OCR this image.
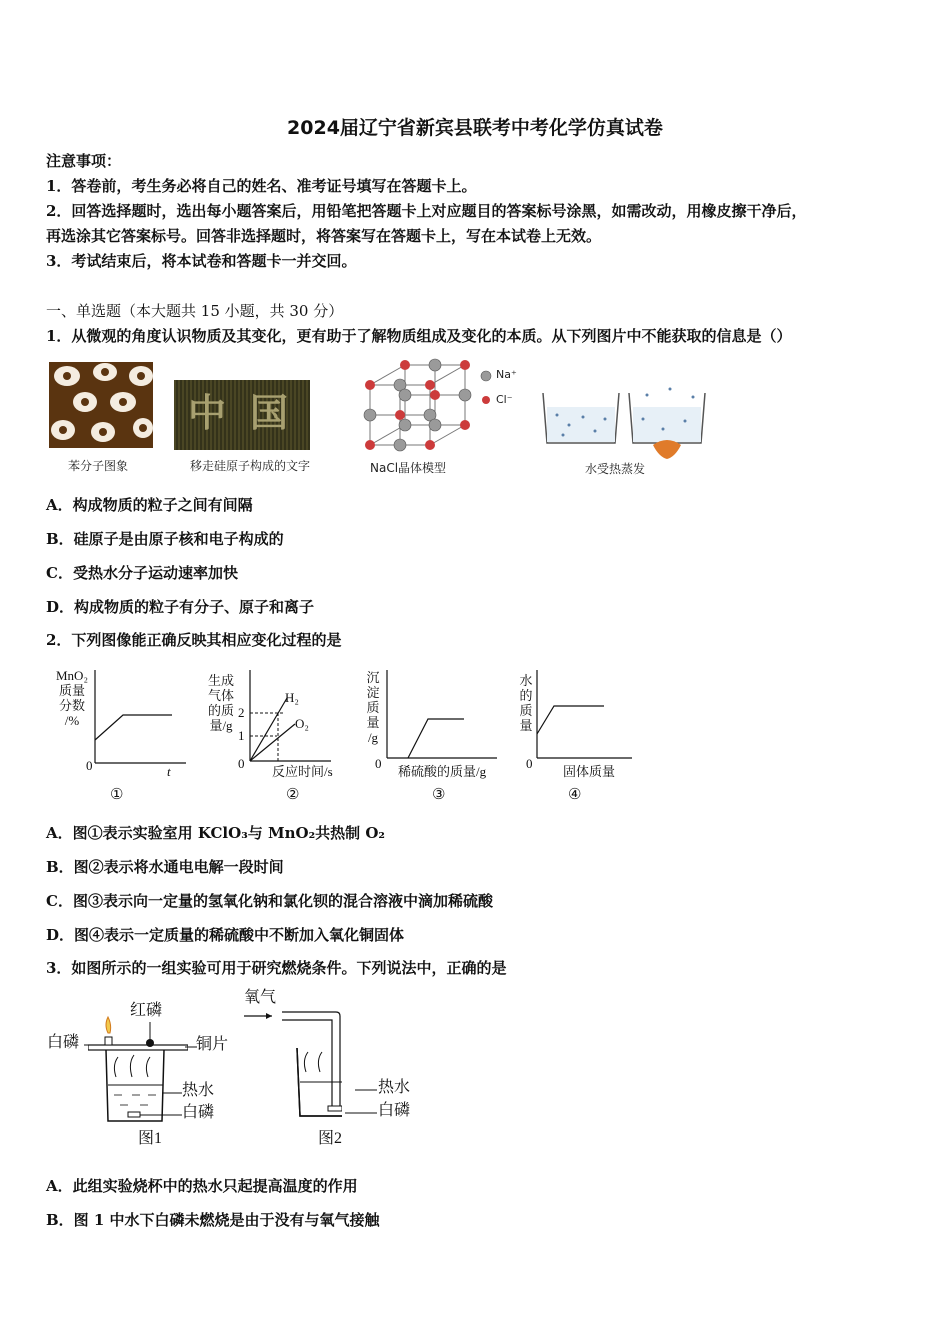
2024届辽宁省新宾县联考中考化学仿真试卷
注意事项：
1．答卷前，考生务必将自己的姓名、准考证号填写在答题卡上。
2．回答选择题时，选出每小题答案后，用铅笔把答题卡上对应题目的答案标号涂黑，如需改动，用橡皮擦干净后，
再选涂其它答案标号。回答非选择题时，将答案写在答题卡上，写在本试卷上无效。
3．考试结束后，将本试卷和答题卡一并交回。
一、单选题（本大题共 15 小题，共 30 分）
1．从微观的角度认识物质及其变化，更有助于了解物质组成及变化的本质。从下列图片中不能获取的信息是（）
苯分子图象
中 国
移走硅原子构成的文字
Na⁺
Cl⁻
NaCl晶体模型	水受热蒸发
A．构成物质的粒子之间有间隔
B．硅原子是由原子核和电子构成的
C．受热水分子运动速率加快
D．构成物质的粒子有分子、原子和离子
2．下列图像能正确反映其相应变化过程的是
MnO₂
质量
分数
/%
0	t
①
生成
气体
的质
量/g
2
1
H₂
O₂
0
反应时间/s
②
沉
淀
质
量
/g
0
稀硫酸的质量/g
③
水
的
质
量
0
固体质量
④
A．图①表示实验室用 KClO₃与 MnO₂共热制 O₂
B．图②表示将水通电电解一段时间
C．图③表示向一定量的氢氧化钠和氯化钡的混合溶液中滴加稀硫酸
D．图④表示一定质量的稀硫酸中不断加入氧化铜固体
3．如图所示的一组实验可用于研究燃烧条件。下列说法中，正确的是
红磷
白磷	铜片
热水
白磷
图1
氧气
热水
白磷
图2
A．此组实验烧杯中的热水只起提高温度的作用
B．图 1 中水下白磷未燃烧是由于没有与氧气接触
